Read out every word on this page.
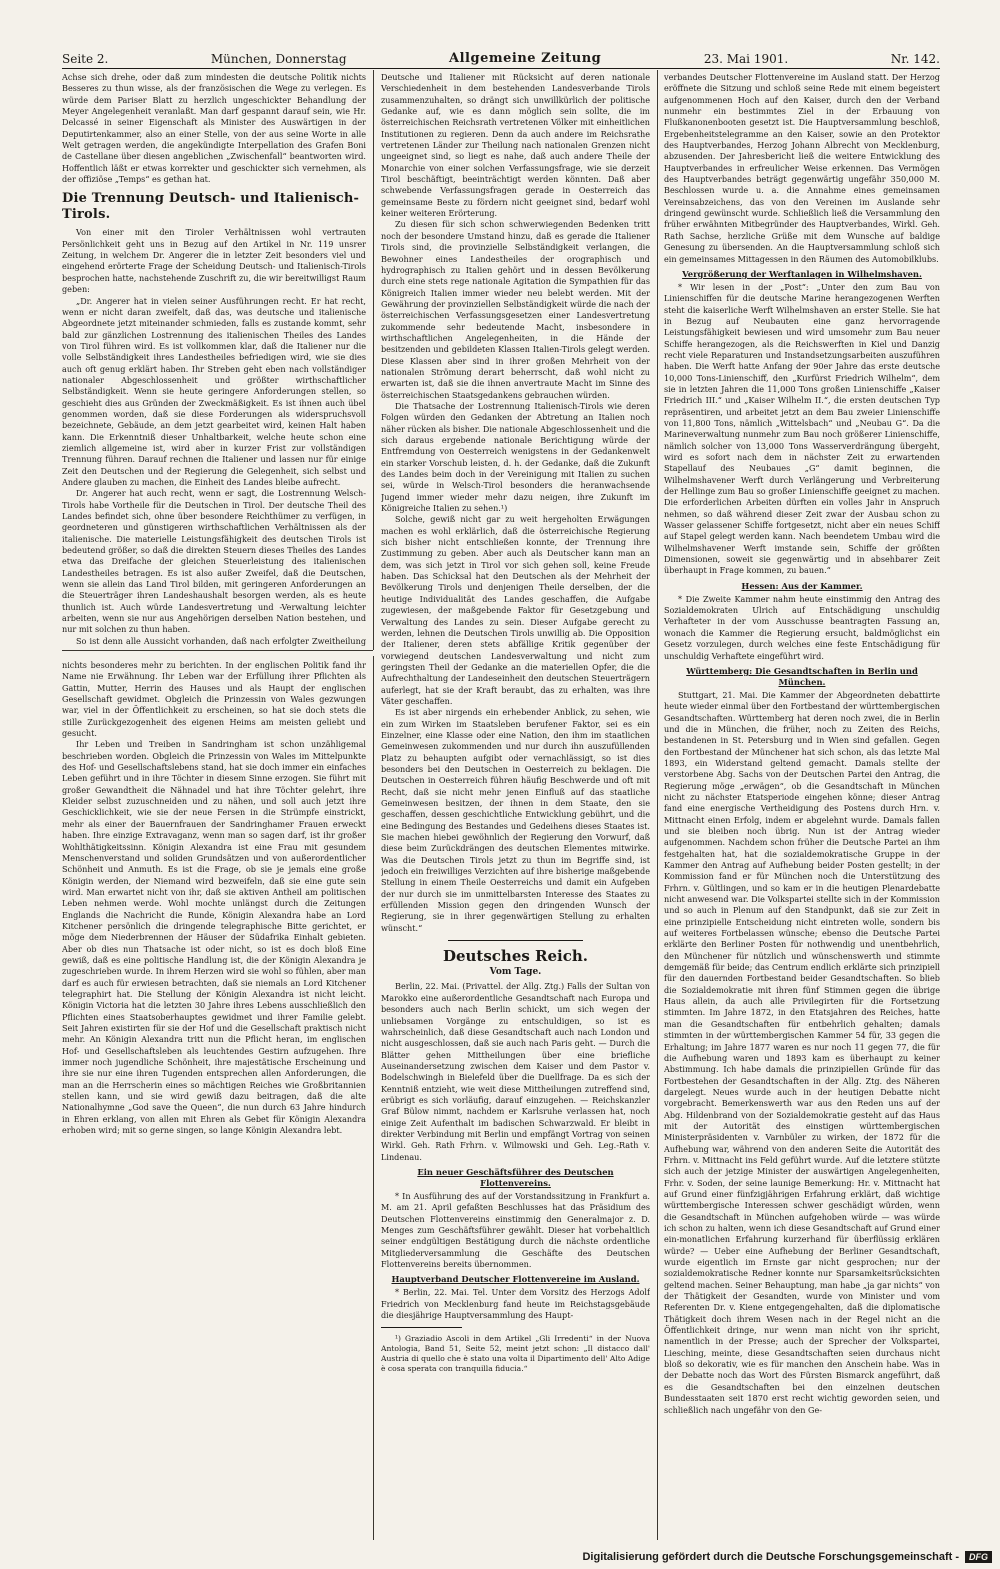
Seite 2.	München, Donnerstag	Allgemeine Zeitung	23. Mai 1901.	Nr. 142.

Achse sich drehe, oder daß zum mindesten die deutsche Politik nichts Besseres zu thun wisse, als der französischen die Wege zu verlegen. Es würde dem Pariser Blatt zu herzlich ungeschickter Behandlung der Meyer Angelegenheit veranlaßt. Man darf gespannt darauf sein, wie Hr. Delcassé in seiner Eigenschaft als Minister des Auswärtigen in der Deputirtenkammer, also an einer Stelle, von der aus seine Worte in alle Welt getragen werden, die angekündigte Interpellation des Grafen Boni de Castellane über diesen angeblichen „Zwischenfall“ beantworten wird. Hoffentlich läßt er etwas korrekter und geschickter sich vernehmen, als der offiziöse „Temps“ es gethan hat.

Die Trennung Deutsch- und Italienisch-Tirols.

Von einer mit den Tiroler Verhältnissen wohl vertrauten Persönlichkeit geht uns in Bezug auf den Artikel in Nr. 119 unsrer Zeitung, in welchem Dr. Angerer die in letzter Zeit besonders viel und eingehend erörterte Frage der Scheidung Deutsch- und Italienisch-Tirols besprochen hatte, nachstehende Zuschrift zu, die wir bereitwilligst Raum geben:

„Dr. Angerer hat in vielen seiner Ausführungen recht. Er hat recht, wenn er nicht daran zweifelt, daß das, was deutsche und italienische Abgeordnete jetzt miteinander schmieden, falls es zustande kommt, sehr bald zur gänzlichen Lostrennung des italienischen Theiles des Landes von Tirol führen wird. Es ist vollkommen klar, daß die Italiener nur die volle Selbständigkeit ihres Landestheiles befriedigen wird, wie sie dies auch oft genug erklärt haben. Ihr Streben geht eben nach vollständiger nationaler Abgeschlossenheit und größter wirthschaftlicher Selbständigkeit. Wenn sie heute geringere Anforderungen stellen, so geschieht dies aus Gründen der Zweckmäßigkeit. Es ist ihnen auch übel genommen worden, daß sie diese Forderungen als widerspruchsvoll bezeichnete, Gebäude, an dem jetzt gearbeitet wird, keinen Halt haben kann. Die Erkenntniß dieser Unhaltbarkeit, welche heute schon eine ziemlich allgemeine ist, wird aber in kurzer Frist zur vollständigen Trennung führen. Darauf rechnen die Italiener und lassen nur für einige Zeit den Deutschen und der Regierung die Gelegenheit, sich selbst und Andere glauben zu machen, die Einheit des Landes bleibe aufrecht.

Dr. Angerer hat auch recht, wenn er sagt, die Lostrennung Welsch-Tirols habe Vortheile für die Deutschen in Tirol. Der deutsche Theil des Landes befindet sich, ohne über besondere Reichthümer zu verfügen, in geordneteren und günstigeren wirthschaftlichen Verhältnissen als der italienische. Die materielle Leistungsfähigkeit des deutschen Tirols ist bedeutend größer, so daß die direkten Steuern dieses Theiles des Landes etwa das Dreifache der gleichen Steuerleistung des italienischen Landestheiles betragen. Es ist also außer Zweifel, daß die Deutschen, wenn sie allein das Land Tirol bilden, mit geringeren Anforderungen an die Steuerträger ihren Landeshaushalt besorgen werden, als es heute thunlich ist. Auch würde Landesvertretung und -Verwaltung leichter arbeiten, wenn sie nur aus Angehörigen derselben Nation bestehen, und nur mit solchen zu thun haben.

So ist denn alle Aussicht vorhanden, daß nach erfolgter Zweitheilung

nichts besonderes mehr zu berichten. In der englischen Politik fand ihr Name nie Erwähnung. Ihr Leben war der Erfüllung ihrer Pflichten als Gattin, Mutter, Herrin des Hauses und als Haupt der englischen Gesellschaft gewidmet. Obgleich die Prinzessin von Wales gezwungen war, viel in der Öffentlichkeit zu erscheinen, so hat sie doch stets die stille Zurückgezogenheit des eigenen Heims am meisten geliebt und gesucht.

Ihr Leben und Treiben in Sandringham ist schon unzähligemal beschrieben worden. Obgleich die Prinzessin von Wales im Mittelpunkte des Hof- und Gesellschaftslebens stand, hat sie doch immer ein einfaches Leben geführt und in ihre Töchter in diesem Sinne erzogen. Sie führt mit großer Gewandtheit die Nähnadel und hat ihre Töchter gelehrt, ihre Kleider selbst zuzuschneiden und zu nähen, und soll auch jetzt ihre Geschicklichkeit, wie sie der neue Fersen in die Strümpfe einstrickt, mehr als einer der Bauernfrauen der Sandringhamer Frauen erweckt haben. Ihre einzige Extravaganz, wenn man so sagen darf, ist ihr großer Wohlthätigkeitssinn. Königin Alexandra ist eine Frau mit gesundem Menschenverstand und soliden Grundsätzen und von außerordentlicher Schönheit und Anmuth. Es ist die Frage, ob sie je jemals eine große Königin werden, der Niemand wird bezweifeln, daß sie eine gute sein wird. Man erwartet nicht von ihr, daß sie aktiven Antheil am politischen Leben nehmen werde. Wohl mochte unlängst durch die Zeitungen Englands die Nachricht die Runde, Königin Alexandra habe an Lord Kitchener persönlich die dringende telegraphische Bitte gerichtet, er möge dem Niederbrennen der Häuser der Südafrika Einhalt gebieten. Aber ob dies nun Thatsache ist oder nicht, so ist es doch bloß Eine gewiß, daß es eine politische Handlung ist, die der Königin Alexandra je zugeschrieben wurde. In ihrem Herzen wird sie wohl so fühlen, aber man darf es auch für erwiesen betrachten, daß sie niemals an Lord Kitchener telegraphirt hat. Die Stellung der Königin Alexandra ist nicht leicht. Königin Victoria hat die letzten 30 Jahre ihres Lebens ausschließlich den Pflichten eines Staatsoberhauptes gewidmet und ihrer Familie gelebt. Seit Jahren existirten für sie der Hof und die Gesellschaft praktisch nicht mehr. An Königin Alexandra tritt nun die Pflicht heran, im englischen Hof- und Gesellschaftsleben als leuchtendes Gestirn aufzugehen. Ihre immer noch jugendliche Schönheit, ihre majestätische Erscheinung und ihre sie nur eine ihren Tugenden entsprechen allen Anforderungen, die man an die Herrscherin eines so mächtigen Reiches wie Großbritannien stellen kann, und sie wird gewiß dazu beitragen, daß die alte Nationalhymne „God save the Queen“, die nun durch 63 Jahre hindurch in Ehren erklang, von allen mit Ehren als Gebet für Königin Alexandra erhoben wird; mit so gerne singen, so lange Königin Alexandra lebt.

Deutsche und Italiener mit Rücksicht auf deren nationale Verschiedenheit in dem bestehenden Landesverbande Tirols zusammenzuhalten, so drängt sich unwillkürlich der politische Gedanke auf, wie es dann möglich sein sollte, die im österreichischen Reichsrath vertretenen Völker mit einheitlichen Institutionen zu regieren. Denn da auch andere im Reichsrathe vertretenen Länder zur Theilung nach nationalen Grenzen nicht ungeeignet sind, so liegt es nahe, daß auch andere Theile der Monarchie von einer solchen Verfassungsfrage, wie sie derzeit Tirol beschäftigt, beeinträchtigt werden könnten. Daß aber schwebende Verfassungsfragen gerade in Oesterreich das gemeinsame Beste zu fördern nicht geeignet sind, bedarf wohl keiner weiteren Erörterung.

Zu diesen für sich schon schwerwiegenden Bedenken tritt noch der besondere Umstand hinzu, daß es gerade die Italiener Tirols sind, die provinzielle Selbständigkeit verlangen, die Bewohner eines Landestheiles der orographisch und hydrographisch zu Italien gehört und in dessen Bevölkerung durch eine stets rege nationale Agitation die Sympathien für das Königreich Italien immer wieder neu belebt werden. Mit der Gewährung der provinziellen Selbständigkeit würde die nach der österreichischen Verfassungsgesetzen einer Landesvertretung zukommende sehr bedeutende Macht, insbesondere in wirthschaftlichen Angelegenheiten, in die Hände der besitzenden und gebildeten Klassen Italien-Tirols gelegt werden. Diese Klassen aber sind in ihrer großen Mehrheit von der nationalen Strömung derart beherrscht, daß wohl nicht zu erwarten ist, daß sie die ihnen anvertraute Macht im Sinne des österreichischen Staatsgedankens gebrauchen würden.

Die Thatsache der Lostrennung Italienisch-Tirols wie deren Folgen würden den Gedanken der Abtretung an Italien noch näher rücken als bisher. Die nationale Abgeschlossenheit und die sich daraus ergebende nationale Berichtigung würde der Entfremdung von Oesterreich wenigstens in der Gedankenwelt ein starker Vorschub leisten, d. h. der Gedanke, daß die Zukunft des Landes beim doch in der Vereinigung mit Italien zu suchen sei, würde in Welsch-Tirol besonders die heranwachsende Jugend immer wieder mehr dazu neigen, ihre Zukunft im Königreiche Italien zu sehen.¹)

Solche, gewiß nicht gar zu weit hergeholten Erwägungen machen es wohl erklärlich, daß die österreichische Regierung sich bisher nicht entschließen konnte, der Trennung ihre Zustimmung zu geben. Aber auch als Deutscher kann man an dem, was sich jetzt in Tirol vor sich gehen soll, keine Freude haben. Das Schicksal hat den Deutschen als der Mehrheit der Bevölkerung Tirols und denjenigen Theile derselben, der die heutige Individualität des Landes geschaffen, die Aufgabe zugewiesen, der maßgebende Faktor für Gesetzgebung und Verwaltung des Landes zu sein. Dieser Aufgabe gerecht zu werden, lehnen die Deutschen Tirols unwillig ab. Die Opposition der Italiener, deren stets abfällige Kritik gegenüber der vorwiegend deutschen Landesverwaltung und nicht zum geringsten Theil der Gedanke an die materiellen Opfer, die die Aufrechthaltung der Landeseinheit den deutschen Steuerträgern auferlegt, hat sie der Kraft beraubt, das zu erhalten, was ihre Väter geschaffen.

Es ist aber nirgends ein erhebender Anblick, zu sehen, wie ein zum Wirken im Staatsleben berufener Faktor, sei es ein Einzelner, eine Klasse oder eine Nation, den ihm im staatlichen Gemeinwesen zukommenden und nur durch ihn auszufüllenden Platz zu behaupten aufgibt oder vernachlässigt, so ist dies besonders bei den Deutschen in Oesterreich zu beklagen. Die Deutschen in Oesterreich führen häufig Beschwerde und oft mit Recht, daß sie nicht mehr jenen Einfluß auf das staatliche Gemeinwesen besitzen, der ihnen in dem Staate, den sie geschaffen, dessen geschichtliche Entwicklung gebührt, und die eine Bedingung des Bestandes und Gedeihens dieses Staates ist. Sie machen hiebei gewöhnlich der Regierung den Vorwurf, daß diese beim Zurückdrängen des deutschen Elementes mitwirke. Was die Deutschen Tirols jetzt zu thun im Begriffe sind, ist jedoch ein freiwilliges Verzichten auf ihre bisherige maßgebende Stellung in einem Theile Oesterreichs und damit ein Aufgeben der nur durch sie im unmittelbarsten Interesse des Staates zu erfüllenden Mission gegen den dringenden Wunsch der Regierung, sie in ihrer gegenwärtigen Stellung zu erhalten wünscht.“

Deutsches Reich.
Vom Tage.

Berlin, 22. Mai. (Privattel. der Allg. Ztg.) Falls der Sultan von Marokko eine außerordentliche Gesandtschaft nach Europa und besonders auch nach Berlin schickt, um sich wegen der unliebsamen Vorgänge zu entschuldigen, so ist es wahrscheinlich, daß diese Gesandtschaft auch nach London und nicht ausgeschlossen, daß sie auch nach Paris geht. — Durch die Blätter gehen Mittheilungen über eine briefliche Auseinandersetzung zwischen dem Kaiser und dem Pastor v. Bodelschwingh in Bielefeld über die Duellfrage. Da es sich der Kenntniß entzieht, wie weit diese Mittheilungen zutreffend sind, erübrigt es sich vorläufig, darauf einzugehen. — Reichskanzler Graf Bülow nimmt, nachdem er Karlsruhe verlassen hat, noch einige Zeit Aufenthalt im badischen Schwarzwald. Er bleibt in direkter Verbindung mit Berlin und empfängt Vortrag von seinen Wirkl. Geh. Rath Frhrn. v. Wilmowski und Geh. Leg.-Rath v. Lindenau.

Ein neuer Geschäftsführer des Deutschen Flottenvereins.

* In Ausführung des auf der Vorstandssitzung in Frankfurt a. M. am 21. April gefaßten Beschlusses hat das Präsidium des Deutschen Flottenvereins einstimmig den Generalmajor z. D. Menges zum Geschäftsführer gewählt. Dieser hat vorbehaltlich seiner endgültigen Bestätigung durch die nächste ordentliche Mitgliederversammlung die Geschäfte des Deutschen Flottenvereins bereits übernommen.

Hauptverband Deutscher Flottenvereine im Ausland.

* Berlin, 22. Mai. Tel. Unter dem Vorsitz des Herzogs Adolf Friedrich von Mecklenburg fand heute im Reichstagsgebäude die diesjährige Hauptversammlung des Haupt-

¹) Graziadio Ascoli in dem Artikel „Gli Irredenti“ in der Nuova Antologia, Band 51, Seite 52, meint jetzt schon: „Il distacco dall' Austria di quello che è stato una volta il Dipartimento dell' Alto Adige è cosa sperata con tranquilla fiducia.“

verbandes Deutscher Flottenvereine im Ausland statt. Der Herzog eröffnete die Sitzung und schloß seine Rede mit einem begeistert aufgenommenen Hoch auf den Kaiser, durch den der Verband nunmehr ein bestimmtes Ziel in der Erbauung von Flußkanonenbooten gesetzt ist. Die Hauptversammlung beschloß, Ergebenheitstelegramme an den Kaiser, sowie an den Protektor des Hauptverbandes, Herzog Johann Albrecht von Mecklenburg, abzusenden. Der Jahresbericht ließ die weitere Entwicklung des Hauptverbandes in erfreulicher Weise erkennen. Das Vermögen des Hauptverbandes beträgt gegenwärtig ungefähr 350,000 M. Beschlossen wurde u. a. die Annahme eines gemeinsamen Vereinsabzeichens, das von den Vereinen im Auslande sehr dringend gewünscht wurde. Schließlich ließ die Versammlung den früher erwähnten Mitbegründer des Hauptverbandes, Wirkl. Geh. Rath Sachse, herzliche Grüße mit dem Wunsche auf baldige Genesung zu übersenden. An die Hauptversammlung schloß sich ein gemeinsames Mittagessen in den Räumen des Automobilklubs.

Vergrößerung der Werftanlagen in Wilhelmshaven.

* Wir lesen in der „Post“: „Unter den zum Bau von Linienschiffen für die deutsche Marine herangezogenen Werften steht die kaiserliche Werft Wilhelmshaven an erster Stelle. Sie hat in Bezug auf Neubauten eine ganz hervorragende Leistungsfähigkeit bewiesen und wird umsomehr zum Bau neuer Schiffe herangezogen, als die Reichswerften in Kiel und Danzig recht viele Reparaturen und Instandsetzungsarbeiten auszuführen haben. Die Werft hatte Anfang der 90er Jahre das erste deutsche 10,000 Tons-Linienschiff, den „Kurfürst Friedrich Wilhelm“, dem sie in letzten Jahren die 11,000 Tons großen Linienschiffe „Kaiser Friedrich III.“ und „Kaiser Wilhelm II.“, die ersten deutschen Typ repräsentiren, und arbeitet jetzt an dem Bau zweier Linienschiffe von 11,800 Tons, nämlich „Wittelsbach“ und „Neubau G“. Da die Marineverwaltung nunmehr zum Bau noch größerer Linienschiffe, nämlich solcher von 13,000 Tons Wasserverdrängung übergeht, wird es sofort nach dem in nächster Zeit zu erwartenden Stapellauf des Neubaues „G“ damit beginnen, die Wilhelmshavener Werft durch Verlängerung und Verbreiterung der Hellinge zum Bau so großer Linienschiffe geeignet zu machen. Die erforderlichen Arbeiten dürften ein volles Jahr in Anspruch nehmen, so daß während dieser Zeit zwar der Ausbau schon zu Wasser gelassener Schiffe fortgesetzt, nicht aber ein neues Schiff auf Stapel gelegt werden kann. Nach beendetem Umbau wird die Wilhelmshavener Werft imstande sein, Schiffe der größten Dimensionen, soweit sie gegenwärtig und in absehbarer Zeit überhaupt in Frage kommen, zu bauen.“

Hessen: Aus der Kammer.

* Die Zweite Kammer nahm heute einstimmig den Antrag des Sozialdemokraten Ulrich auf Entschädigung unschuldig Verhafteter in der vom Ausschusse beantragten Fassung an, wonach die Kammer die Regierung ersucht, baldmöglichst ein Gesetz vorzulegen, durch welches eine feste Entschädigung für unschuldig Verhaftete eingeführt wird.

Württemberg: Die Gesandtschaften in Berlin und München.

Stuttgart, 21. Mai. Die Kammer der Abgeordneten debattirte heute wieder einmal über den Fortbestand der württembergischen Gesandtschaften. Württemberg hat deren noch zwei, die in Berlin und die in München, die früher, noch zu Zeiten des Reichs, bestandenen in St. Petersburg und in Wien sind gefallen. Gegen den Fortbestand der Münchener hat sich schon, als das letzte Mal 1893, ein Widerstand geltend gemacht. Damals stellte der verstorbene Abg. Sachs von der Deutschen Partei den Antrag, die Regierung möge „erwägen“, ob die Gesandtschaft in München nicht zu nächster Etatsperiode eingehen könne; dieser Antrag fand eine energische Vertheidigung des Postens durch Hrn. v. Mittnacht einen Erfolg, indem er abgelehnt wurde. Damals fallen und sie bleiben noch übrig. Nun ist der Antrag wieder aufgenommen. Nachdem schon früher die Deutsche Partei an ihm festgehalten hat, hat die sozialdemokratische Gruppe in der Kammer den Antrag auf Aufhebung beider Posten gestellt; in der Kommission fand er für München noch die Unterstützung des Frhrn. v. Gültlingen, und so kam er in die heutigen Plenardebatte nicht anwesend war. Die Volkspartei stellte sich in der Kommission und so auch in Plenum auf den Standpunkt, daß sie zur Zeit in eine prinzipielle Entscheidung nicht eintreten wolle, sondern bis auf weiteres Fortbelassen wünsche; ebenso die Deutsche Partei erklärte den Berliner Posten für nothwendig und unentbehrlich, den Münchener für nützlich und wünschenswerth und stimmte demgemäß für beide; das Centrum endlich erklärte sich prinzipiell für den dauernden Fortbestand beider Gesandtschaften. So blieb die Sozialdemokratie mit ihren fünf Stimmen gegen die übrige Haus allein, da auch alle Privilegirten für die Fortsetzung stimmten. Im Jahre 1872, in den Etatsjahren des Reiches, hatte man die Gesandtschaften für entbehrlich gehalten; damals stimmten in der württembergischen Kammer 54 für, 33 gegen die Erhaltung; im Jahre 1877 waren es nur noch 11 gegen 77, die für die Aufhebung waren und 1893 kam es überhaupt zu keiner Abstimmung. Ich habe damals die prinzipiellen Gründe für das Fortbestehen der Gesandtschaften in der Allg. Ztg. des Näheren dargelegt. Neues wurde auch in der heutigen Debatte nicht vorgebracht. Bemerkenswerth war aus den Reden uns auf der Abg. Hildenbrand von der Sozialdemokratie gesteht auf das Haus mit der Autorität des einstigen württembergischen Ministerpräsidenten v. Varnbüler zu wirken, der 1872 für die Aufhebung war, während von den anderen Seite die Autorität des Frhrn. v. Mittnacht ins Feld geführt wurde. Auf die letztere stützte sich auch der jetzige Minister der auswärtigen Angelegenheiten, Frhr. v. Soden, der seine launige Bemerkung: Hr. v. Mittnacht hat auf Grund einer fünfzigjährigen Erfahrung erklärt, daß wichtige württembergische Interessen schwer geschädigt würden, wenn die Gesandtschaft in München aufgehoben würde — was würde ich schon zu halten, wenn ich diese Gesandtschaft auf Grund einer ein-monatlichen Erfahrung kurzerhand für überflüssig erklären würde? — Ueber eine Aufhebung der Berliner Gesandtschaft, wurde eigentlich im Ernste gar nicht gesprochen; nur der sozialdemokratische Redner konnte nur Sparsamkeitsrücksichten geltend machen. Seiner Behauptung, man habe „ja gar nichts“ von der Thätigkeit der Gesandten, wurde von Minister und vom Referenten Dr. v. Kiene entgegengehalten, daß die diplomatische Thätigkeit doch ihrem Wesen nach in der Regel nicht an die Öffentlichkeit dringe, nur wenn man nicht von ihr spricht, namentlich in der Presse; auch der Sprecher der Volkspartei, Liesching, meinte, diese Gesandtschaften seien durchaus nicht bloß so dekorativ, wie es für manchen den Anschein habe. Was in der Debatte noch das Wort des Fürsten Bismarck angeführt, daß es die Gesandtschaften bei den einzelnen deutschen Bundesstaaten seit 1870 erst recht wichtig geworden seien, und schließlich nach ungefähr von den Ge-

Digitalisierung gefördert durch die Deutsche Forschungsgemeinschaft -	DFG
